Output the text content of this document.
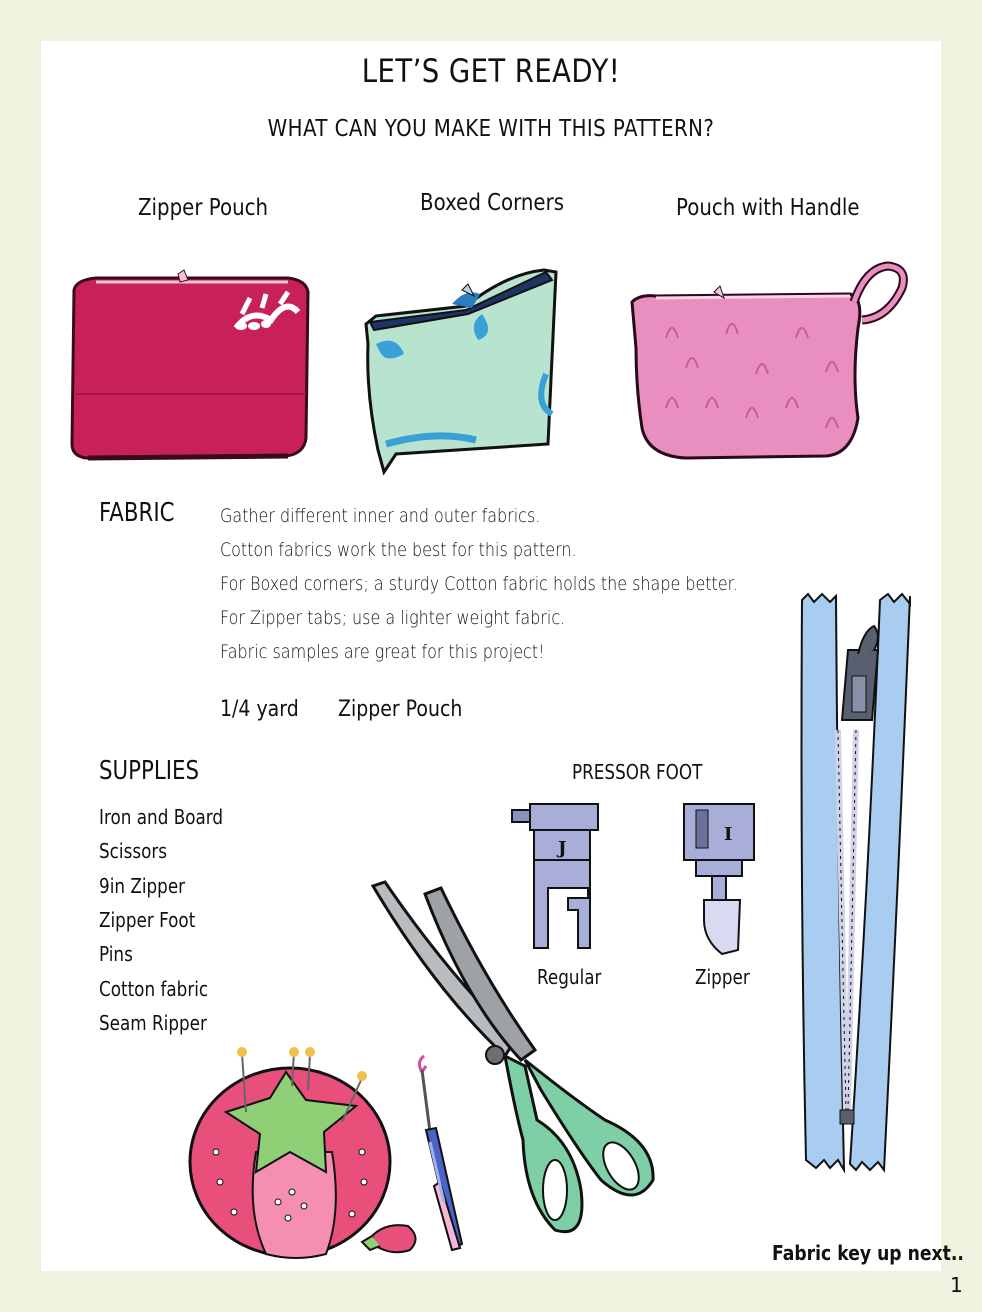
LET’S GET READY!
WHAT CAN YOU MAKE WITH THIS PATTERN?
Zipper Pouch	Boxed Corners	Pouch with Handle
FABRIC Gather different inner and outer fabrics.
Cotton fabrics work the best for this pattern.
For Boxed corners; a sturdy Cotton fabric holds the shape better.
For Zipper tabs; use a lighter weight fabric.
Fabric samples are great for this project!
1/4 yard Zipper Pouch
SUPPLIES
Iron and Board
Scissors
9in Zipper
Zipper Foot
Pins
Cotton fabric
Seam Ripper
PRESSOR FOOT
J
Regular
I
Zipper
Fabric key up next..
1
